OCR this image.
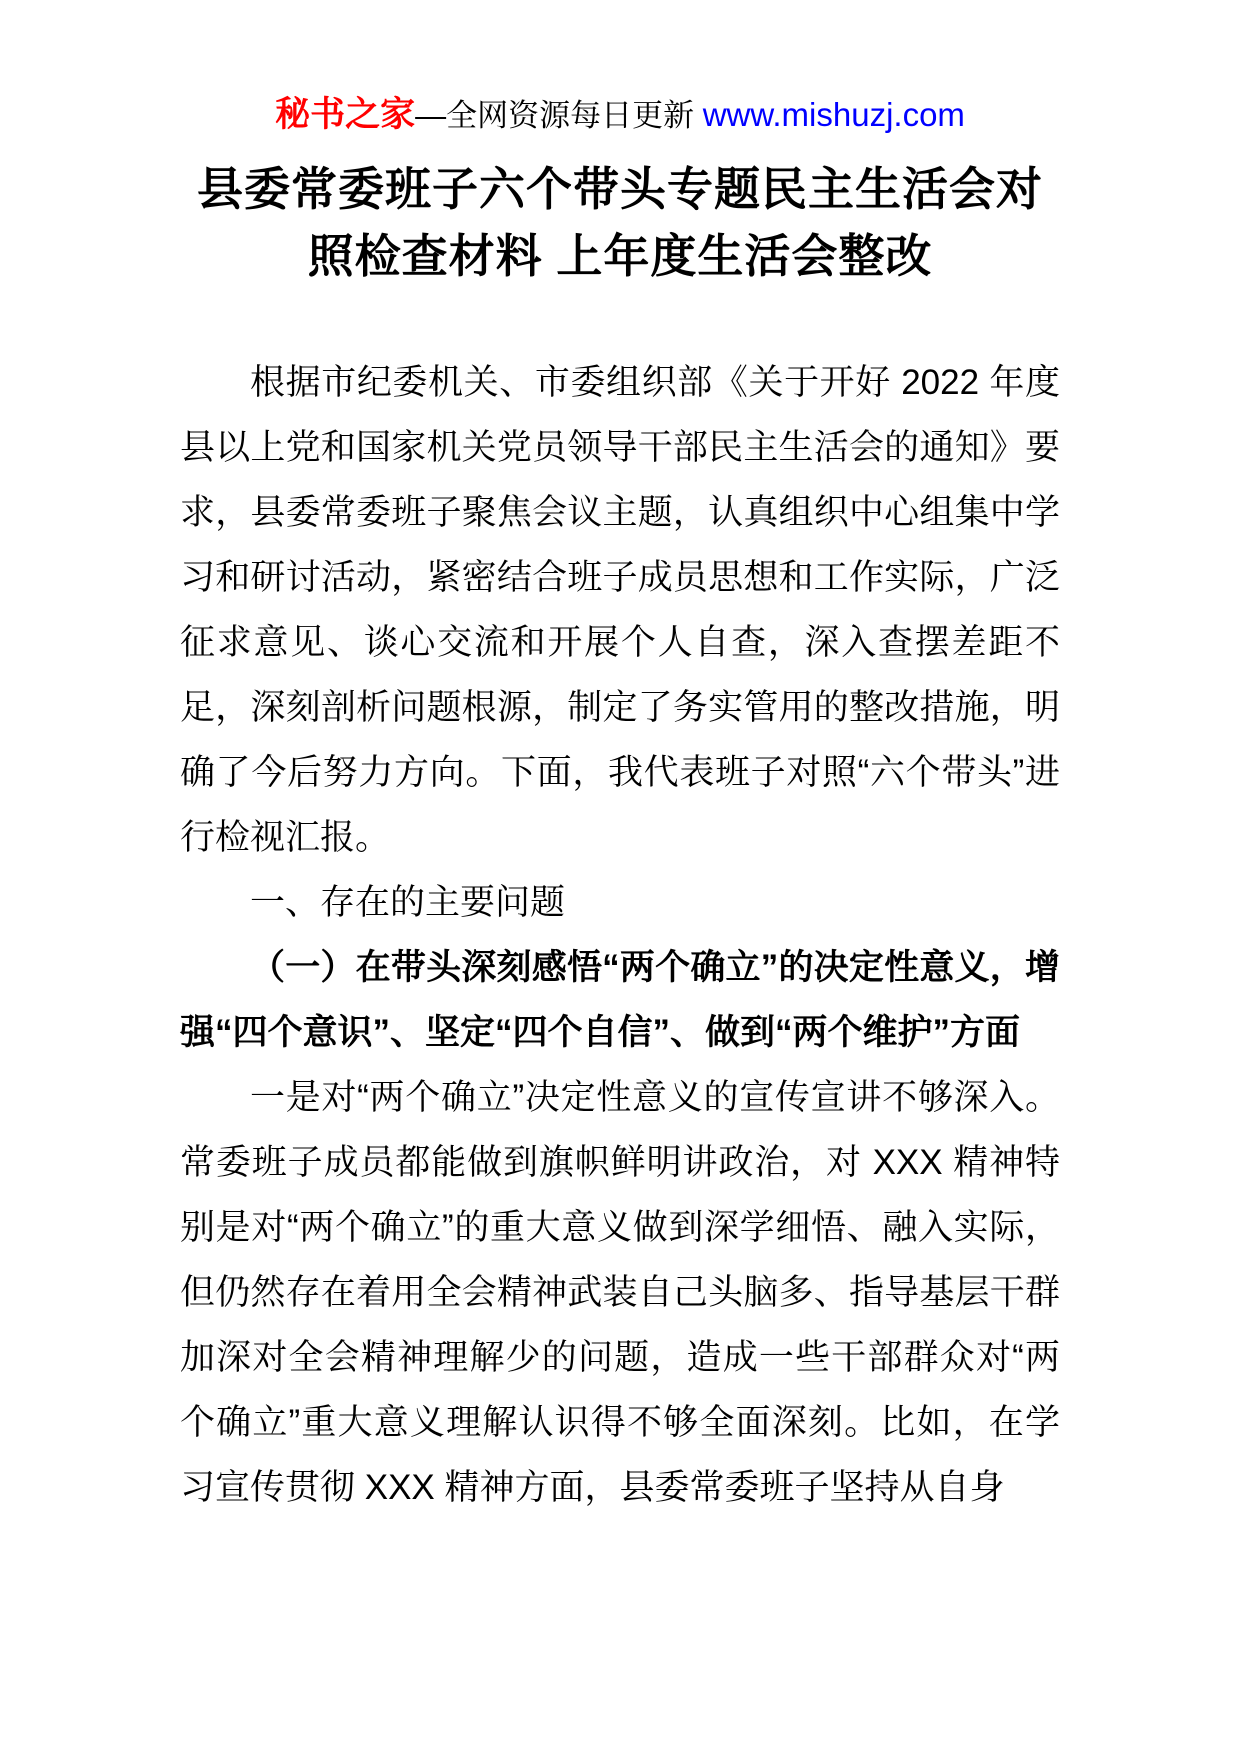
秘书之家—全网资源每日更新 www.mishuzj.com
县委常委班子六个带头专题民主生活会对
照检查材料 上年度生活会整改

根据市纪委机关、市委组织部《关于开好 2022 年度县以上党和国家机关党员领导干部民主生活会的通知》要求，县委常委班子聚焦会议主题，认真组织中心组集中学习和研讨活动，紧密结合班子成员思想和工作实际，广泛征求意见、谈心交流和开展个人自查，深入查摆差距不足，深刻剖析问题根源，制定了务实管用的整改措施，明确了今后努力方向。下面，我代表班子对照“六个带头”进行检视汇报。

一、存在的主要问题

（一）在带头深刻感悟“两个确立”的决定性意义，增强“四个意识”、坚定“四个自信”、做到“两个维护”方面

一是对“两个确立”决定性意义的宣传宣讲不够深入。常委班子成员都能做到旗帜鲜明讲政治，对 XXX 精神特别是对“两个确立”的重大意义做到深学细悟、融入实际，但仍然存在着用全会精神武装自己头脑多、指导基层干群加深对全会精神理解少的问题，造成一些干部群众对“两个确立”重大意义理解认识得不够全面深刻。比如，在学习宣传贯彻 XXX 精神方面，县委常委班子坚持从自身
